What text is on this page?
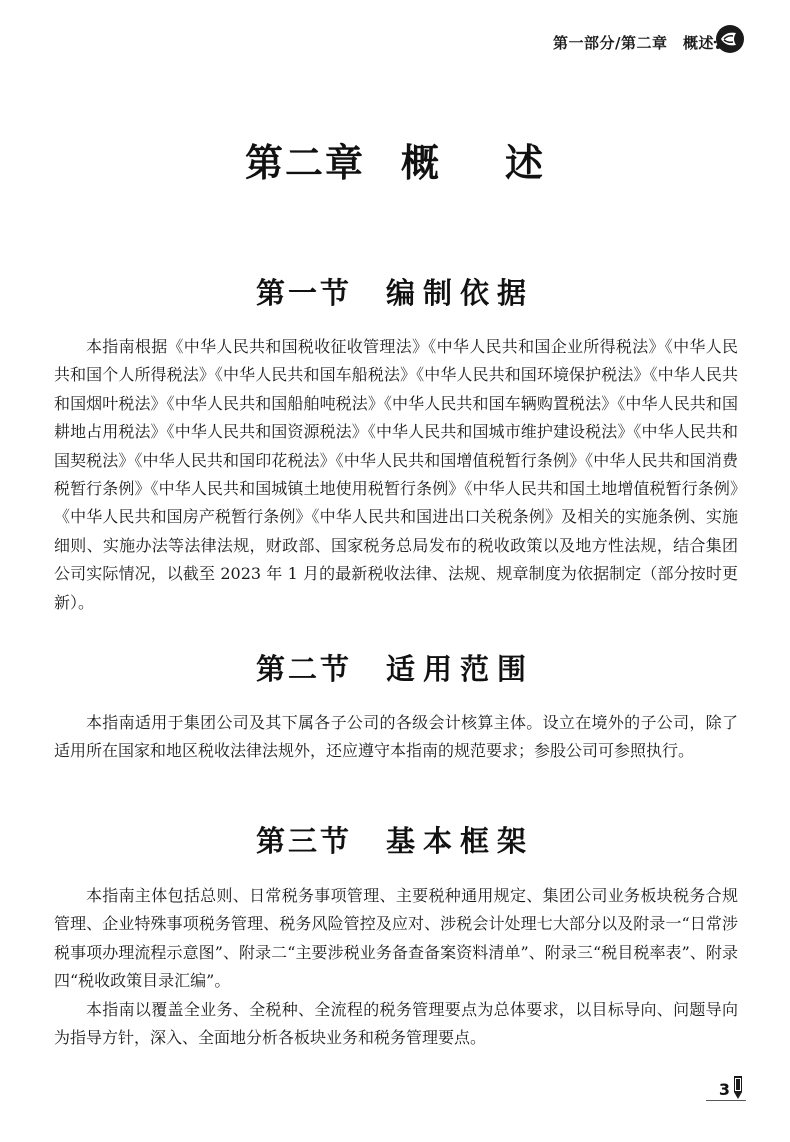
第一部分/第二章　概述
第二章 概 述
第一节 编制依据

本指南根据《中华人民共和国税收征收管理法》《中华人民共和国企业所得税法》《中华人民共和国个人所得税法》《中华人民共和国车船税法》《中华人民共和国环境保护税法》《中华人民共和国烟叶税法》《中华人民共和国船舶吨税法》《中华人民共和国车辆购置税法》《中华人民共和国耕地占用税法》《中华人民共和国资源税法》《中华人民共和国城市维护建设税法》《中华人民共和国契税法》《中华人民共和国印花税法》《中华人民共和国增值税暂行条例》《中华人民共和国消费税暂行条例》《中华人民共和国城镇土地使用税暂行条例》《中华人民共和国土地增值税暂行条例》《中华人民共和国房产税暂行条例》《中华人民共和国进出口关税条例》及相关的实施条例、实施细则、实施办法等法律法规，财政部、国家税务总局发布的税收政策以及地方性法规，结合集团公司实际情况，以截至 2023 年 1 月的最新税收法律、法规、规章制度为依据制定（部分按时更新）。

第二节 适用范围

本指南适用于集团公司及其下属各子公司的各级会计核算主体。设立在境外的子公司，除了适用所在国家和地区税收法律法规外，还应遵守本指南的规范要求；参股公司可参照执行。

第三节 基本框架

本指南主体包括总则、日常税务事项管理、主要税种通用规定、集团公司业务板块税务合规管理、企业特殊事项税务管理、税务风险管控及应对、涉税会计处理七大部分以及附录一“日常涉税事项办理流程示意图”、附录二“主要涉税业务备查备案资料清单”、附录三“税目税率表”、附录四“税收政策目录汇编”。

本指南以覆盖全业务、全税种、全流程的税务管理要点为总体要求，以目标导向、问题导向为指导方针，深入、全面地分析各板块业务和税务管理要点。

3
